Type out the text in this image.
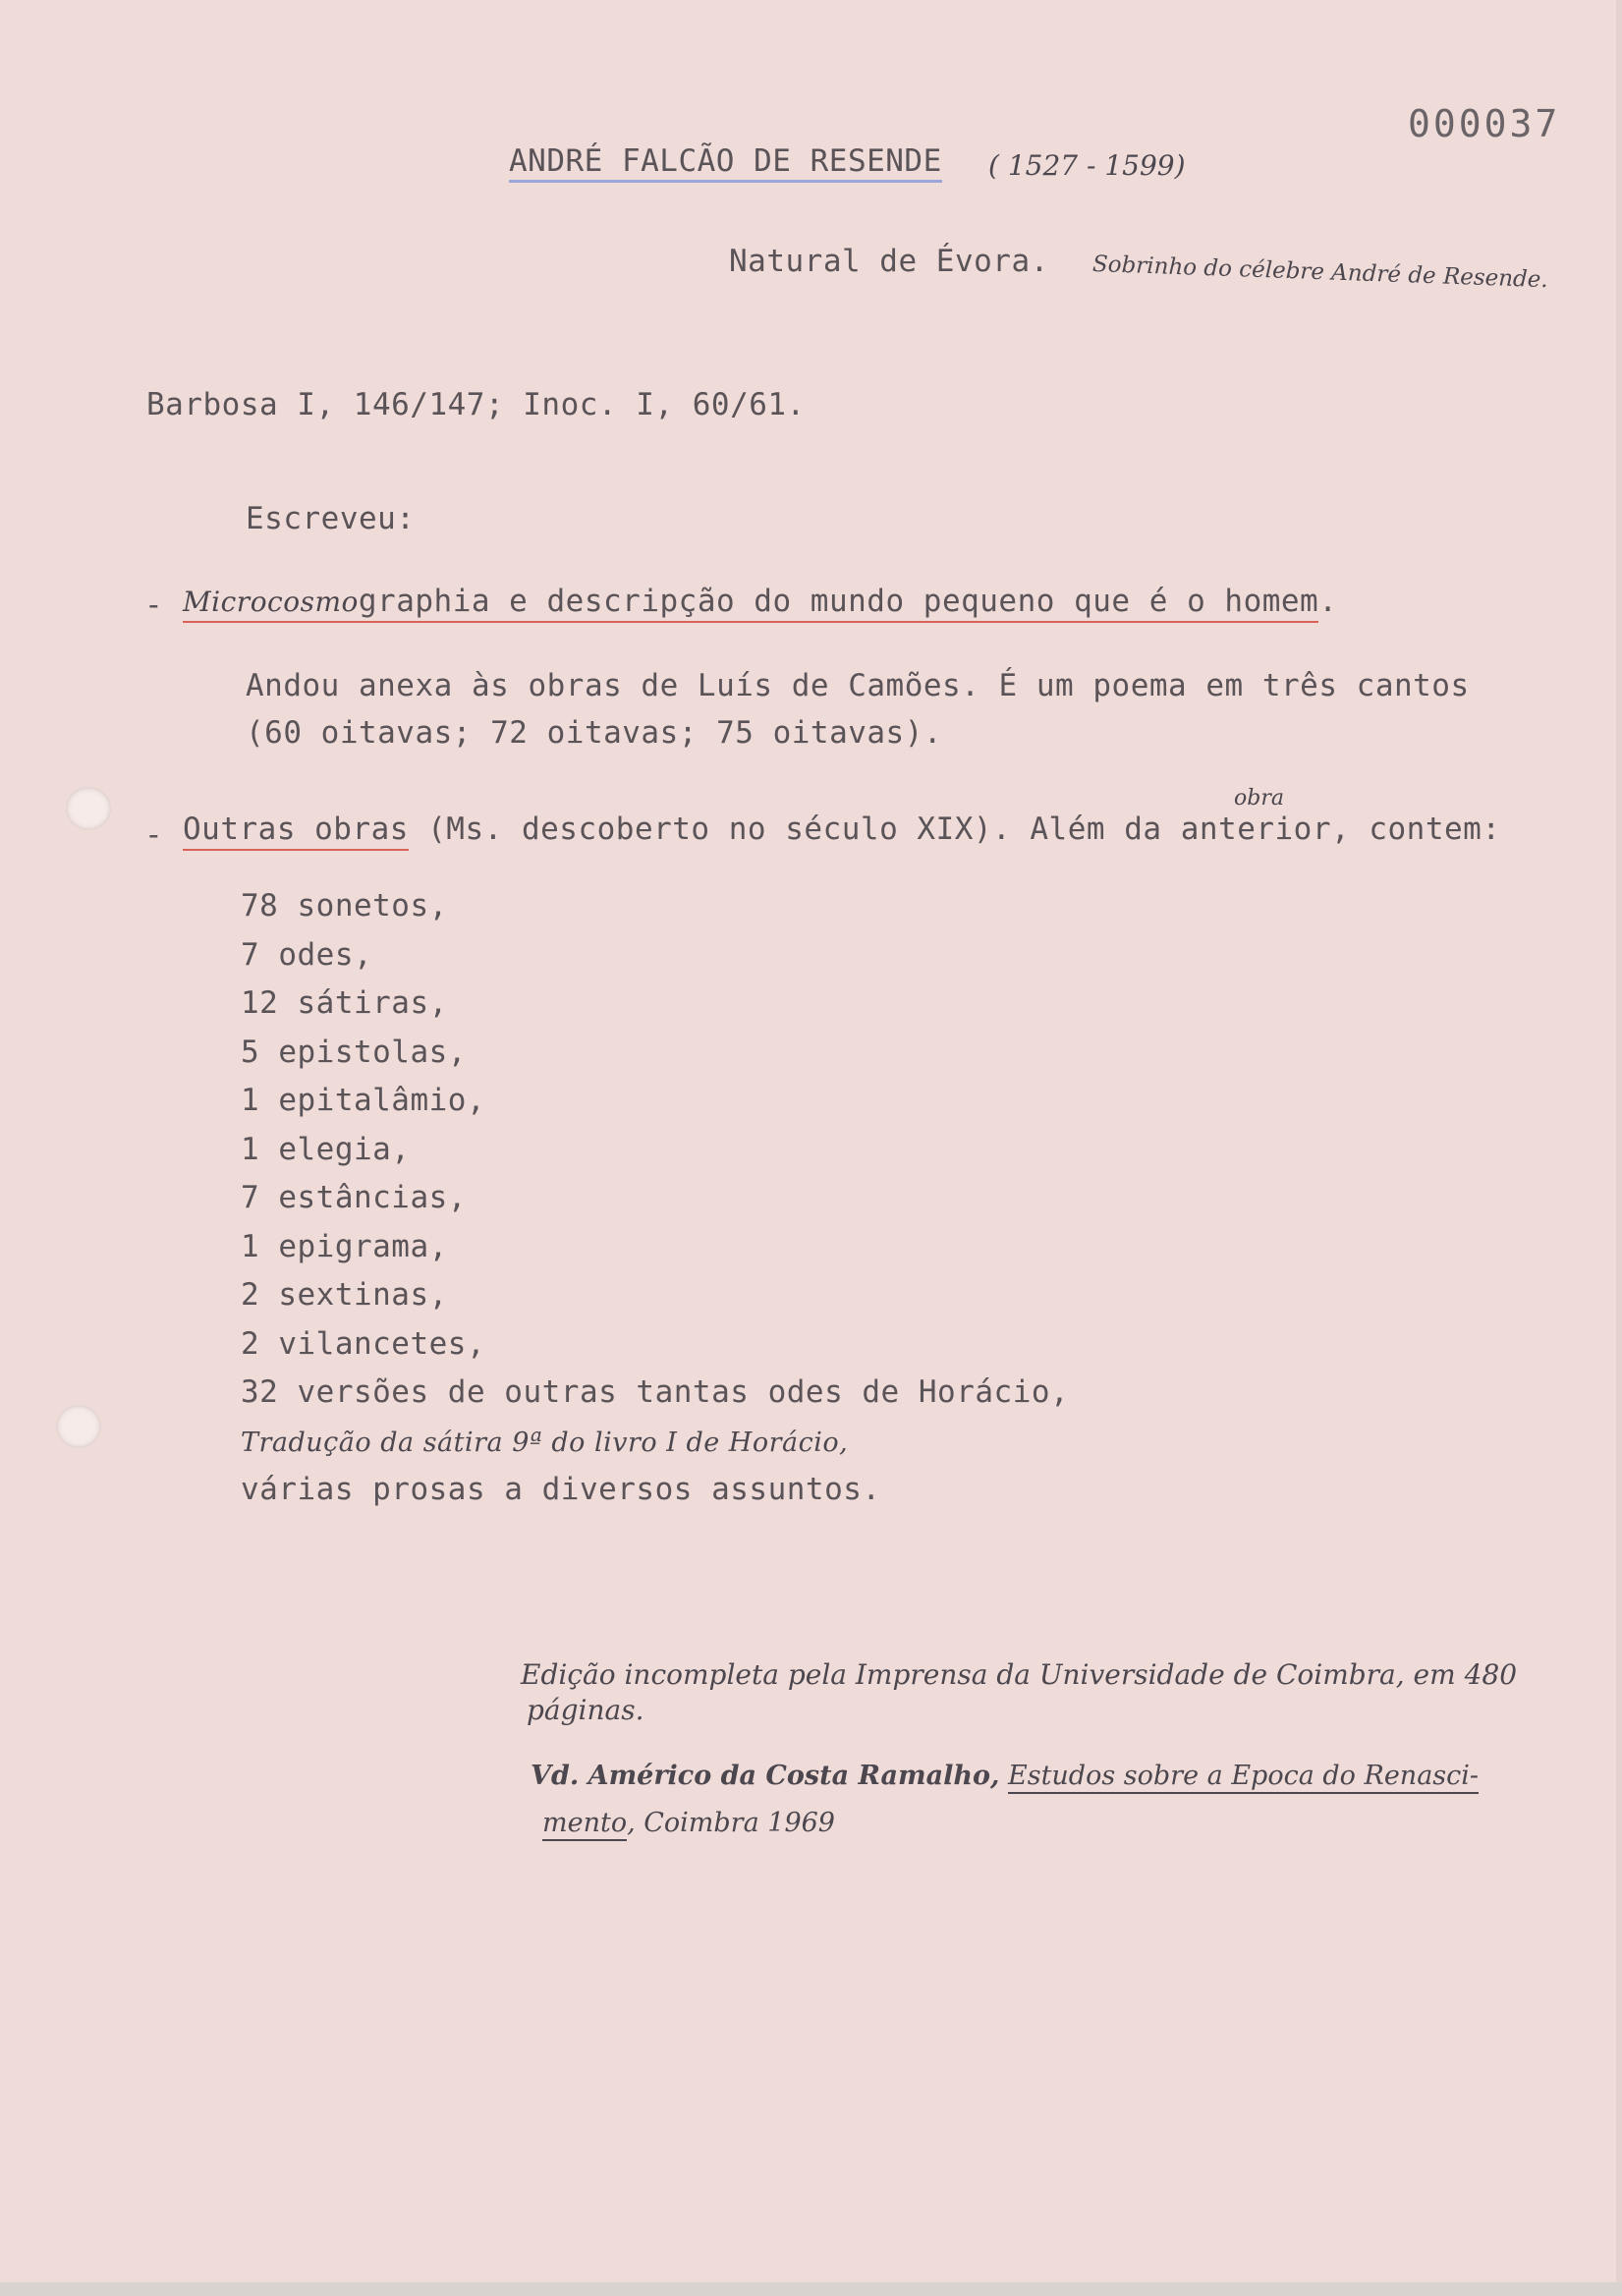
000037
ANDRÉ FALCÃO DE RESENDE ( 1527 - 1599)
Natural de Évora. Sobrinho do célebre André de Resende.
Barbosa I, 146/147; Inoc. I, 60/61.
Escreveu:
- Microcosmographia e descripção do mundo pequeno que é o homem.
Andou anexa às obras de Luís de Camões. É um poema em três cantos
(60 oitavas; 72 oitavas; 75 oitavas).
- Outras obras (Ms. descoberto no século XIX). Além da anterior, contem:
obra
78 sonetos,
7 odes,
12 sátiras,
5 epistolas,
1 epitalâmio,
1 elegia,
7 estâncias,
1 epigrama,
2 sextinas,
2 vilancetes,
32 versões de outras tantas odes de Horácio,
Tradução da sátira 9ª do livro I de Horácio,
várias prosas a diversos assuntos.
Edição incompleta pela Imprensa da Universidade de Coimbra, em 480
páginas.
Vd. Américo da Costa Ramalho, Estudos sobre a Epoca do Renasci-
mento, Coimbra 1969
